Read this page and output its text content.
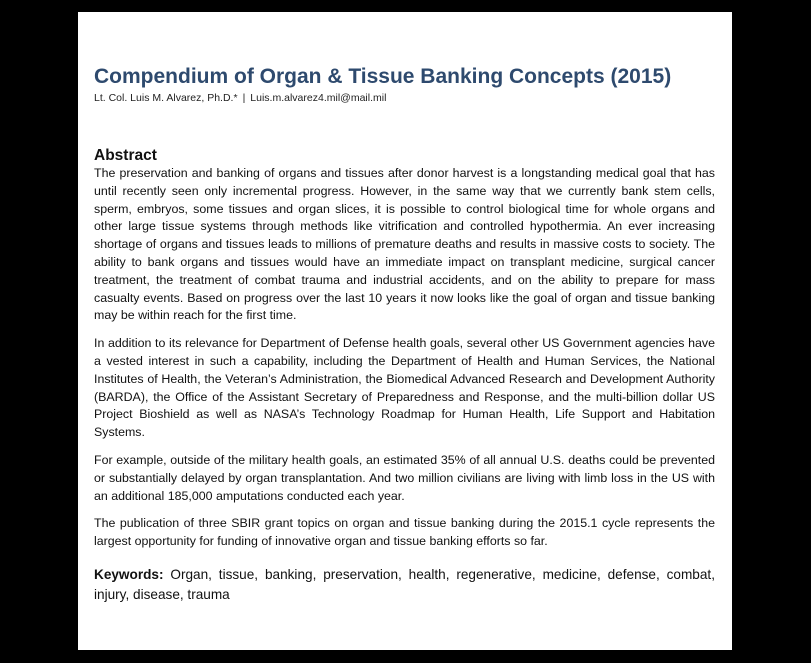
Compendium of Organ & Tissue Banking Concepts (2015)
Lt. Col. Luis M. Alvarez, Ph.D.* | Luis.m.alvarez4.mil@mail.mil
Abstract

The preservation and banking of organs and tissues after donor harvest is a longstanding medical goal that has until recently seen only incremental progress. However, in the same way that we currently bank stem cells, sperm, embryos, some tissues and organ slices, it is possible to control biological time for whole organs and other large tissue systems through methods like vitrification and controlled hypothermia. An ever increasing shortage of organs and tissues leads to millions of premature deaths and results in massive costs to society. The ability to bank organs and tissues would have an immediate impact on transplant medicine, surgical cancer treatment, the treatment of combat trauma and industrial accidents, and on the ability to prepare for mass casualty events. Based on progress over the last 10 years it now looks like the goal of organ and tissue banking may be within reach for the first time.

In addition to its relevance for Department of Defense health goals, several other US Government agencies have a vested interest in such a capability, including the Department of Health and Human Services, the National Institutes of Health, the Veteran’s Administration, the Biomedical Advanced Research and Development Authority (BARDA), the Office of the Assistant Secretary of Preparedness and Response, and the multi-billion dollar US Project Bioshield as well as NASA’s Technology Roadmap for Human Health, Life Support and Habitation Systems.

For example, outside of the military health goals, an estimated 35% of all annual U.S. deaths could be prevented or substantially delayed by organ transplantation. And two million civilians are living with limb loss in the US with an additional 185,000 amputations conducted each year.

The publication of three SBIR grant topics on organ and tissue banking during the 2015.1 cycle represents the largest opportunity for funding of innovative organ and tissue banking efforts so far.

Keywords: Organ, tissue, banking, preservation, health, regenerative, medicine, defense, combat, injury, disease, trauma
